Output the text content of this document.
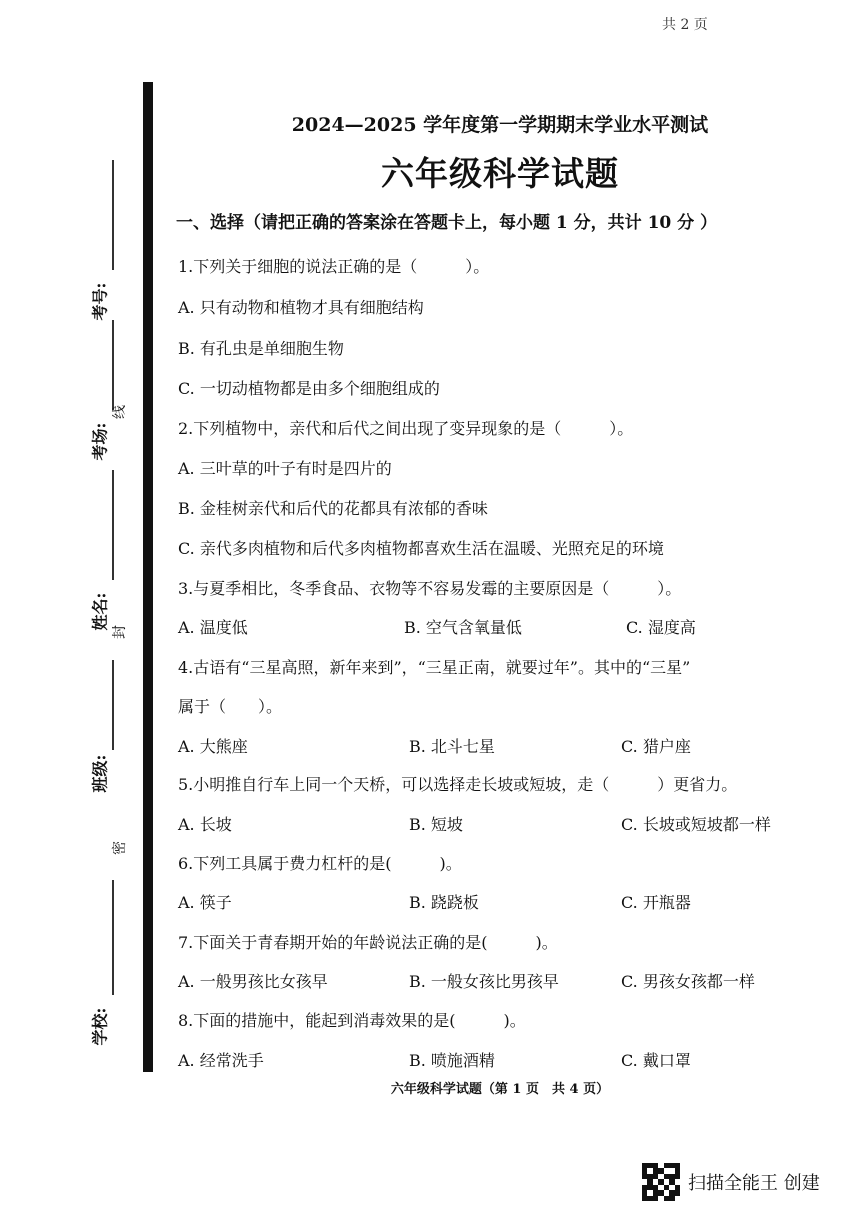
共 2 页
考号:
考场:
线
姓名:
封
班级:
密
学校:
2024—2025 学年度第一学期期末学业水平测试
六年级科学试题
一、选择（请把正确的答案涂在答题卡上，每小题 1 分，共计 10 分 ）
1.下列关于细胞的说法正确的是（　　　）。
A. 只有动物和植物才具有细胞结构
B. 有孔虫是单细胞生物
C. 一切动植物都是由多个细胞组成的
2.下列植物中，亲代和后代之间出现了变异现象的是（　　　）。
A. 三叶草的叶子有时是四片的
B. 金桂树亲代和后代的花都具有浓郁的香味
C. 亲代多肉植物和后代多肉植物都喜欢生活在温暖、光照充足的环境
3.与夏季相比，冬季食品、衣物等不容易发霉的主要原因是（　　　）。
A. 温度低	B. 空气含氧量低	C. 湿度高
4.古语有“三星高照，新年来到”，“三星正南，就要过年”。其中的“三星”
属于（　　）。
A. 大熊座	B. 北斗七星	C. 猎户座
5.小明推自行车上同一个天桥，可以选择走长坡或短坡，走（　　　）更省力。
A. 长坡	B. 短坡	C. 长坡或短坡都一样
6.下列工具属于费力杠杆的是(　　　)。
A. 筷子	B. 跷跷板	C. 开瓶器
7.下面关于青春期开始的年龄说法正确的是(　　　)。
A. 一般男孩比女孩早	B. 一般女孩比男孩早	C. 男孩女孩都一样
8.下面的措施中，能起到消毒效果的是(　　　)。
A. 经常洗手	B. 喷施酒精	C. 戴口罩
六年级科学试题（第 1 页　共 4 页）
扫描全能王 创建
